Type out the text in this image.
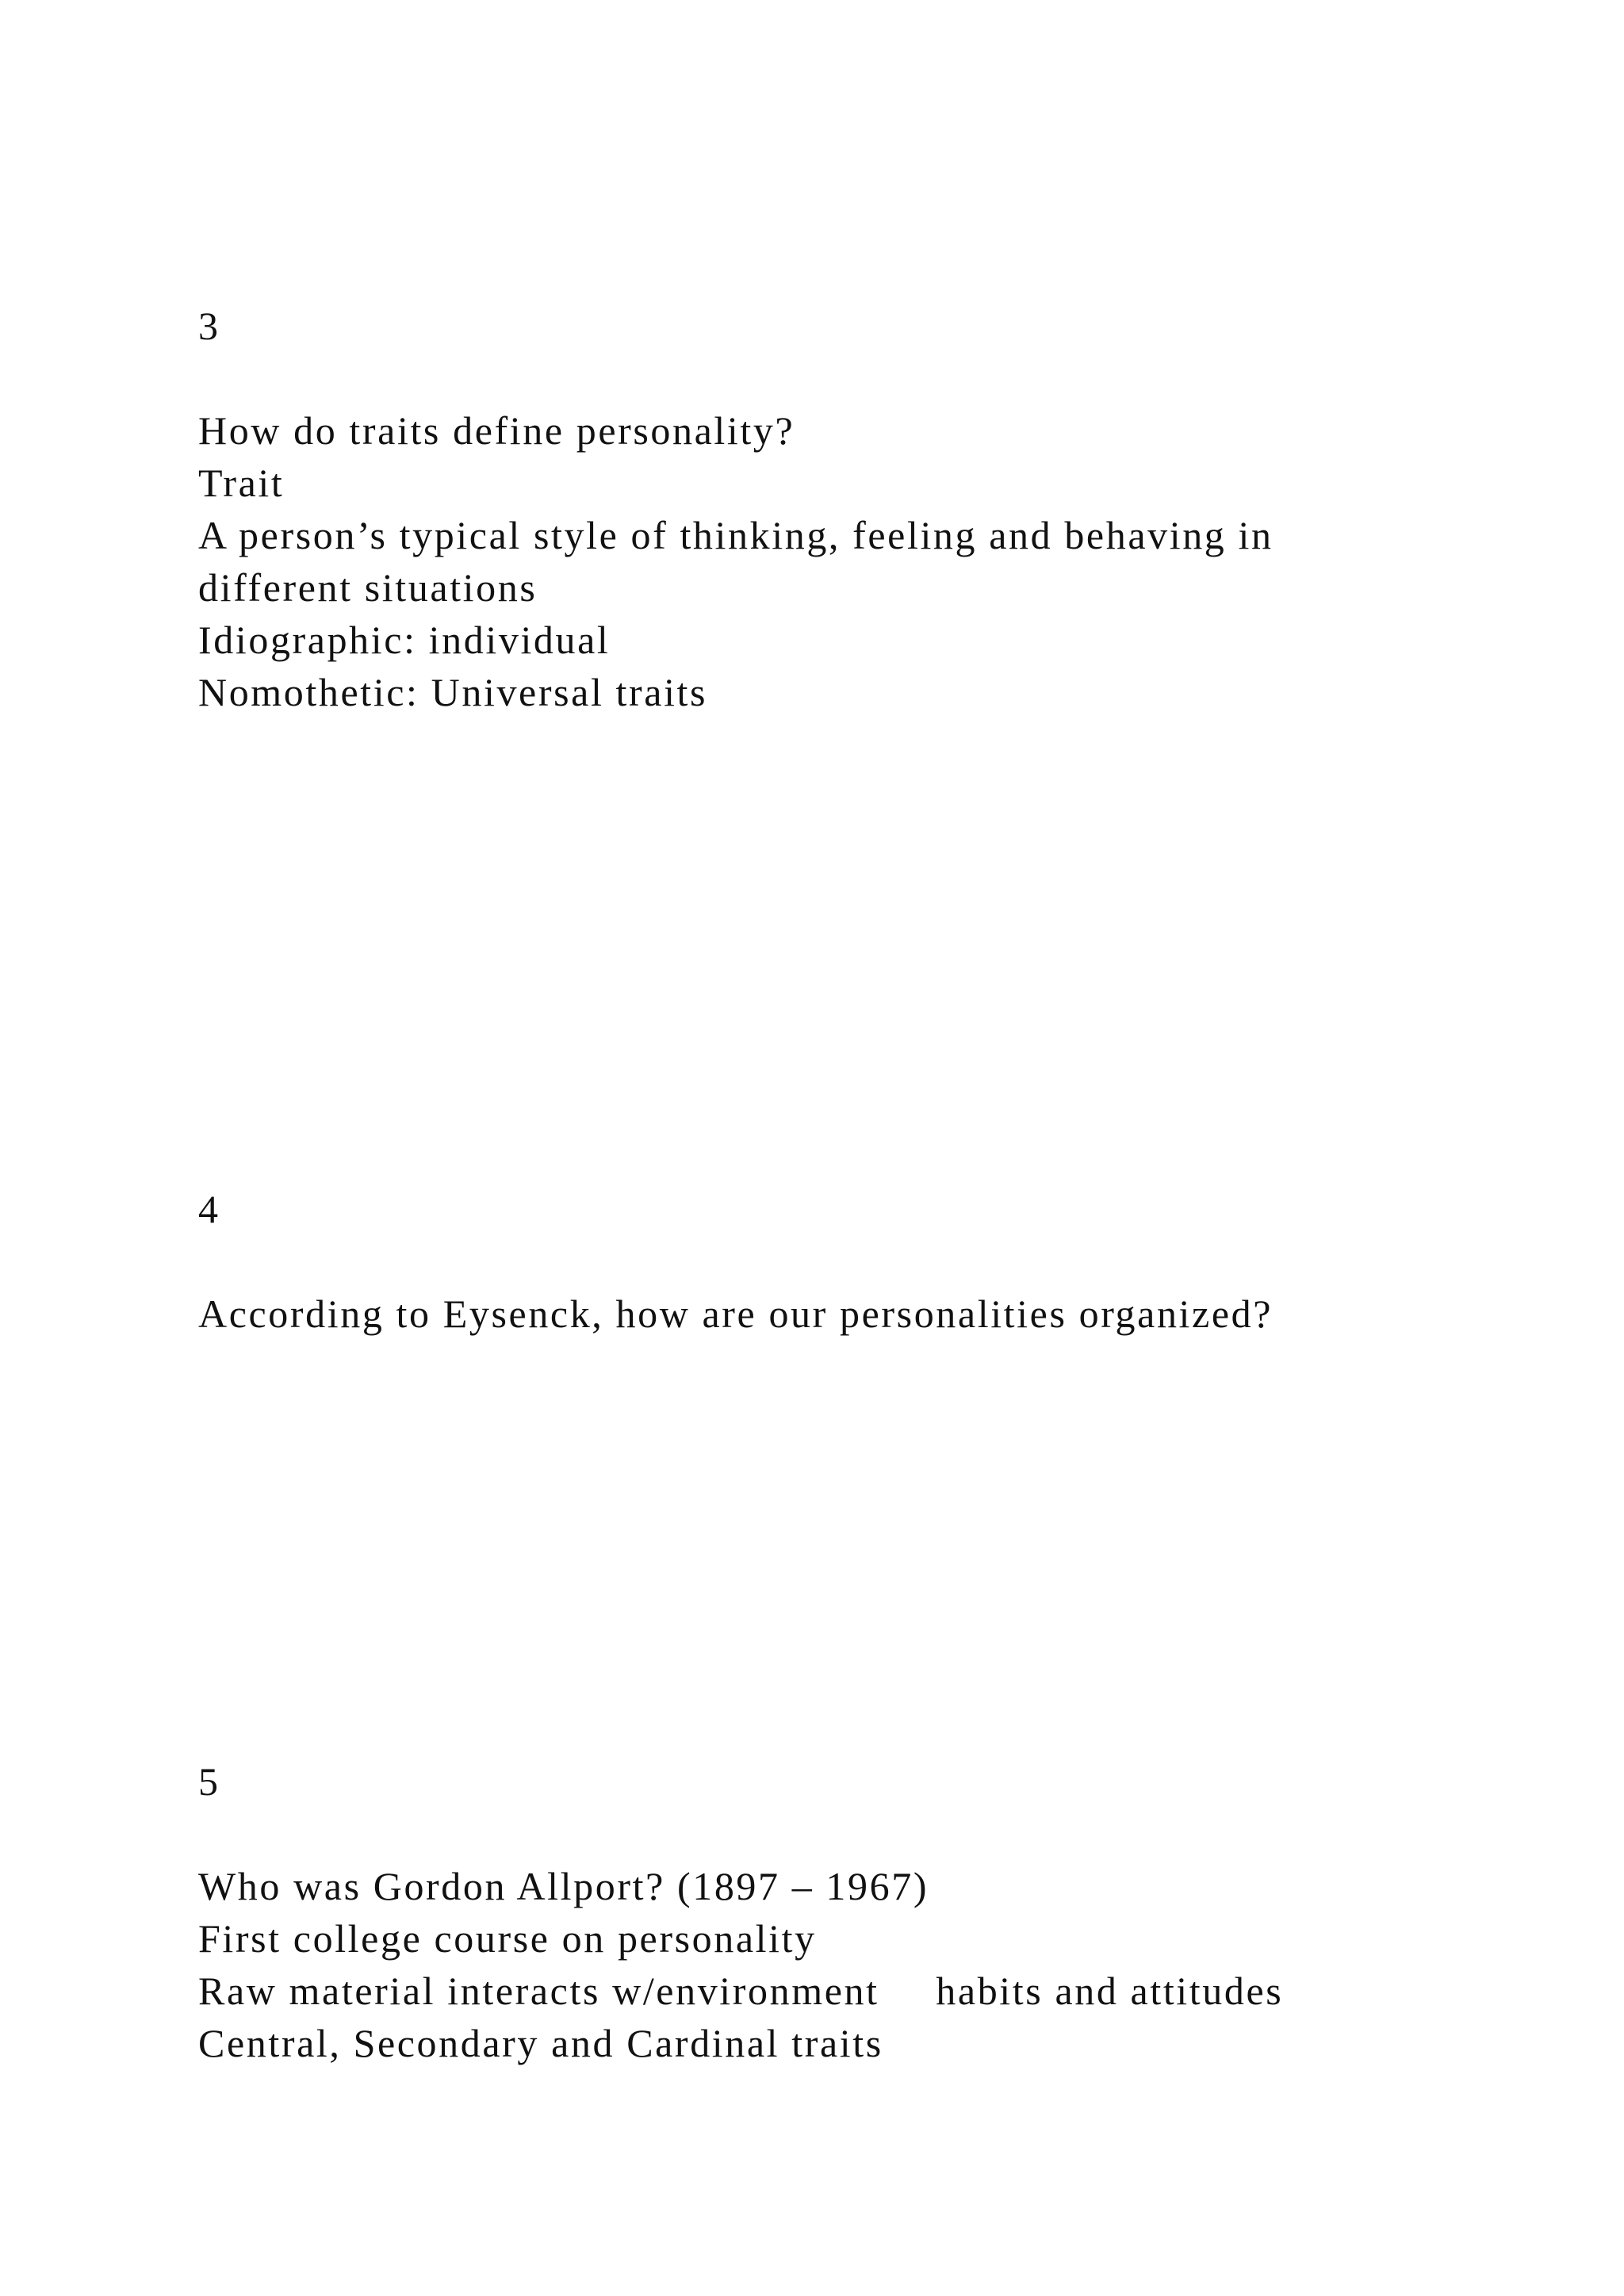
3

How do traits define personality?

Trait

A person’s typical style of thinking, feeling and behaving in

different situations

Idiographic: individual

Nomothetic: Universal traits

4

According to Eysenck, how are our personalities organized?

5

Who was Gordon Allport? (1897 – 1967)

First college course on personality

Raw material interacts w/environment habits and attitudes

Central, Secondary and Cardinal traits
